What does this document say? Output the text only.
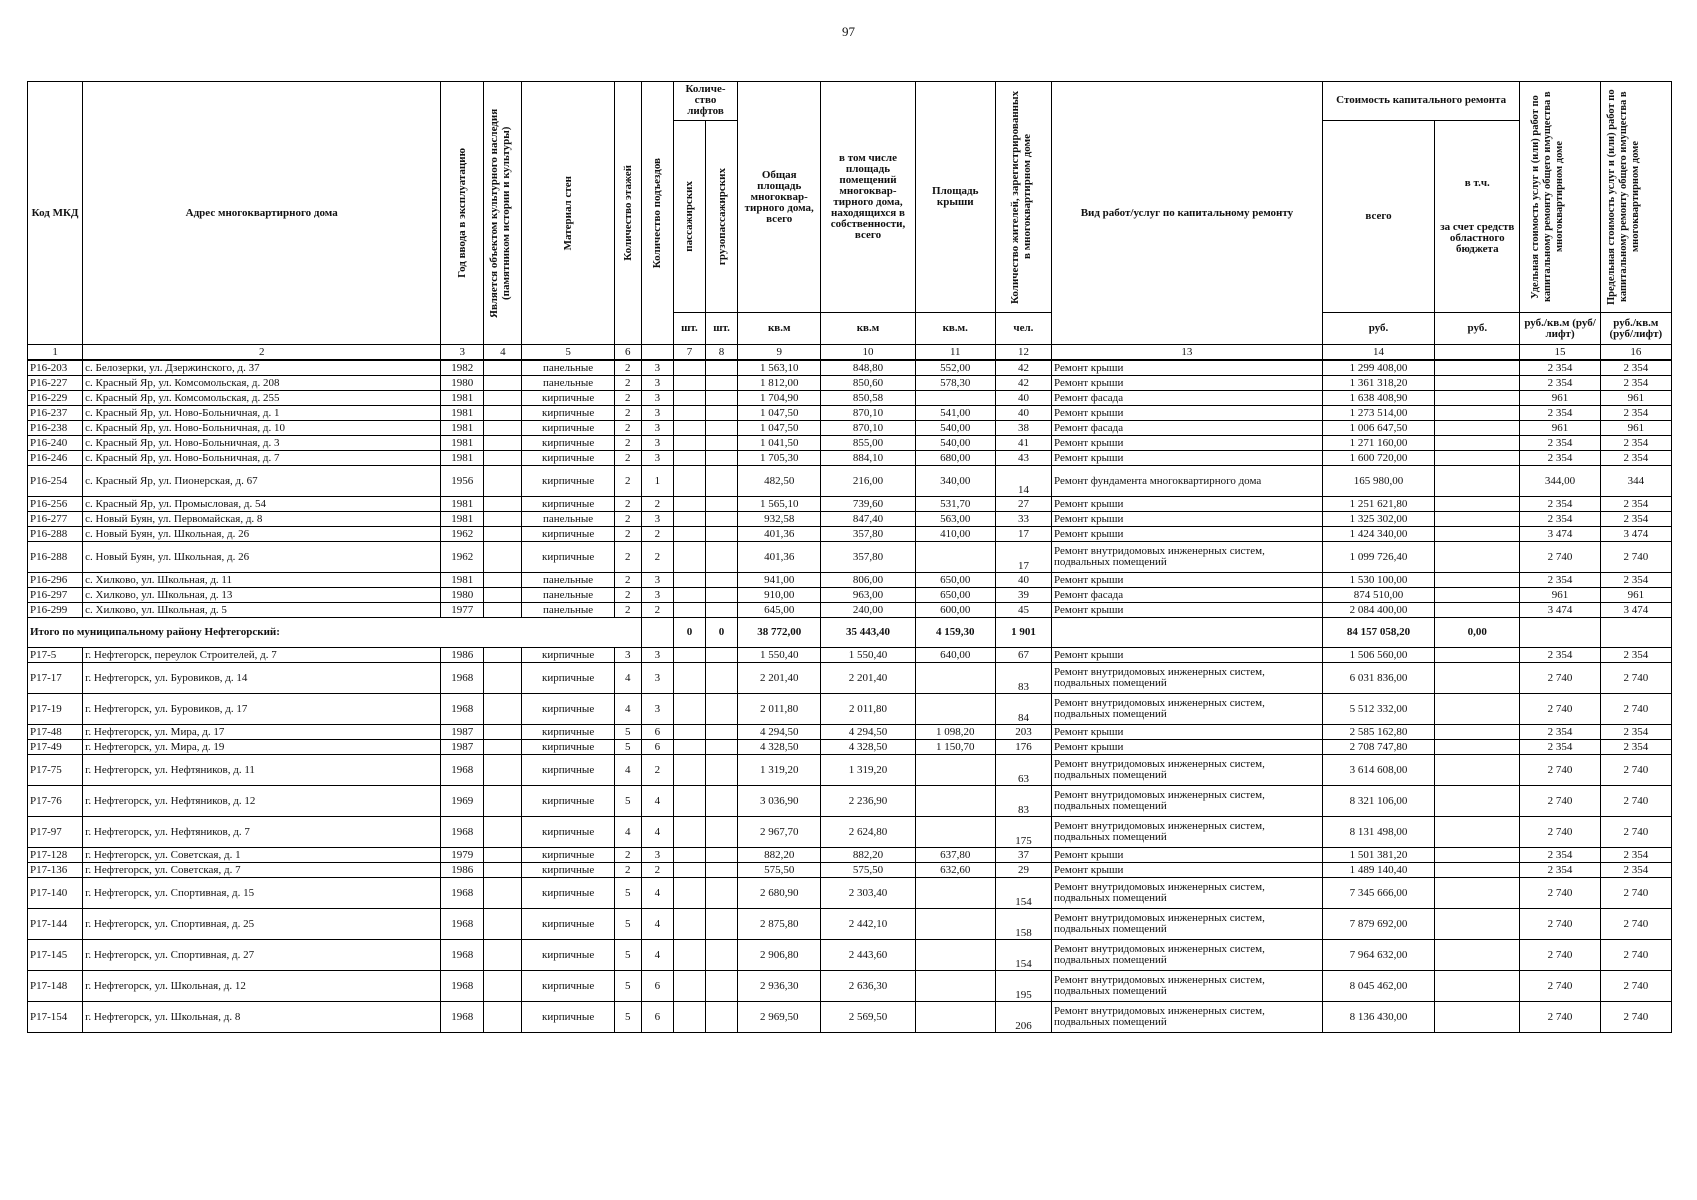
97
Код МКД	Адрес многоквартирного дома	Год ввода в эксплуатацию	Является объектом культурного наследия (памятником истории и культуры)	Материал стен	Количество этажей	Количество подъездов	Количе-ство лифтов		Общая площадь многоквар-тирного дома, всего	в том числе площадь помещений многоквар-тирного дома, находящихся в собственности, всего	Площадь крыши	Количество жителей, зарегистрированных в многоквартирном доме	Вид работ/услуг по капитальному ремонту	Стоимость капитального ремонта		Удельная стоимость услуг и (или) работ по капитальному ремонту общего имущества в многоквартирном доме	Предельная стоимость услуг и (или) работ по капитальному ремонту общего имущества в многоквартирном доме

							пассажирских	грузопассажирских						всего	в т.ч.

за счет средств областного бюджета		

							шт.	шт.	кв.м	кв.м	кв.м.	чел.		руб.	руб.	руб./кв.м (руб/лифт)	руб./кв.м (руб/лифт)
1	2	3	4	5	6		7	8	9	10	11	12	13	14		15	16
Р16-203	с. Белозерки, ул. Дзержинского, д. 37	1982		панельные	2	3			1 563,10	848,80	552,00	42	Ремонт крыши	1 299 408,00		2 354	2 354
Р16-227	с. Красный Яр, ул. Комсомольская, д. 208	1980		панельные	2	3			1 812,00	850,60	578,30	42	Ремонт крыши	1 361 318,20		2 354	2 354
Р16-229	с. Красный Яр, ул. Комсомольская, д. 255	1981		кирпичные	2	3			1 704,90	850,58		40	Ремонт фасада	1 638 408,90		961	961
Р16-237	с. Красный Яр, ул. Ново-Больничная, д. 1	1981		кирпичные	2	3			1 047,50	870,10	541,00	40	Ремонт крыши	1 273 514,00		2 354	2 354
Р16-238	с. Красный Яр, ул. Ново-Больничная, д. 10	1981		кирпичные	2	3			1 047,50	870,10	540,00	38	Ремонт фасада	1 006 647,50		961	961
Р16-240	с. Красный Яр, ул. Ново-Больничная, д. 3	1981		кирпичные	2	3			1 041,50	855,00	540,00	41	Ремонт крыши	1 271 160,00		2 354	2 354
Р16-246	с. Красный Яр, ул. Ново-Больничная, д. 7	1981		кирпичные	2	3			1 705,30	884,10	680,00	43	Ремонт крыши	1 600 720,00		2 354	2 354
Р16-254	с. Красный Яр, ул. Пионерская, д. 67	1956		кирпичные	2	1			482,50	216,00	340,00	14	Ремонт фундамента многоквартирного дома	165 980,00		344,00	344
Р16-256	с. Красный Яр, ул. Промысловая, д. 54	1981		кирпичные	2	2			1 565,10	739,60	531,70	27	Ремонт крыши	1 251 621,80		2 354	2 354
Р16-277	с. Новый Буян, ул. Первомайская, д. 8	1981		панельные	2	3			932,58	847,40	563,00	33	Ремонт крыши	1 325 302,00		2 354	2 354
Р16-288	с. Новый Буян, ул. Школьная, д. 26	1962		кирпичные	2	2			401,36	357,80	410,00	17	Ремонт крыши	1 424 340,00		3 474	3 474
Р16-288	с. Новый Буян, ул. Школьная, д. 26	1962		кирпичные	2	2			401,36	357,80		17	Ремонт внутридомовых инженерных систем, подвальных помещений	1 099 726,40		2 740	2 740
Р16-296	с. Хилково, ул. Школьная, д. 11	1981		панельные	2	3			941,00	806,00	650,00	40	Ремонт крыши	1 530 100,00		2 354	2 354
Р16-297	с. Хилково, ул. Школьная, д. 13	1980		панельные	2	3			910,00	963,00	650,00	39	Ремонт фасада	874 510,00		961	961
Р16-299	с. Хилково, ул. Школьная, д. 5	1977		панельные	2	2			645,00	240,00	600,00	45	Ремонт крыши	2 084 400,00		3 474	3 474
Итого по муниципальному району Нефтегорский:							0	0	38 772,00	35 443,40	4 159,30	1 901		84 157 058,20	0,00		
Р17-5	г. Нефтегорск, переулок Строителей, д. 7	1986		кирпичные	3	3			1 550,40	1 550,40	640,00	67	Ремонт крыши	1 506 560,00		2 354	2 354
Р17-17	г. Нефтегорск, ул. Буровиков, д. 14	1968		кирпичные	4	3			2 201,40	2 201,40		83	Ремонт внутридомовых инженерных систем, подвальных помещений	6 031 836,00		2 740	2 740
Р17-19	г. Нефтегорск, ул. Буровиков, д. 17	1968		кирпичные	4	3			2 011,80	2 011,80		84	Ремонт внутридомовых инженерных систем, подвальных помещений	5 512 332,00		2 740	2 740
Р17-48	г. Нефтегорск, ул. Мира, д. 17	1987		кирпичные	5	6			4 294,50	4 294,50	1 098,20	203	Ремонт крыши	2 585 162,80		2 354	2 354
Р17-49	г. Нефтегорск, ул. Мира, д. 19	1987		кирпичные	5	6			4 328,50	4 328,50	1 150,70	176	Ремонт крыши	2 708 747,80		2 354	2 354
Р17-75	г. Нефтегорск, ул. Нефтяников, д. 11	1968		кирпичные	4	2			1 319,20	1 319,20		63	Ремонт внутридомовых инженерных систем, подвальных помещений	3 614 608,00		2 740	2 740
Р17-76	г. Нефтегорск, ул. Нефтяников, д. 12	1969		кирпичные	5	4			3 036,90	2 236,90		83	Ремонт внутридомовых инженерных систем, подвальных помещений	8 321 106,00		2 740	2 740
Р17-97	г. Нефтегорск, ул. Нефтяников, д. 7	1968		кирпичные	4	4			2 967,70	2 624,80		175	Ремонт внутридомовых инженерных систем, подвальных помещений	8 131 498,00		2 740	2 740
Р17-128	г. Нефтегорск, ул. Советская, д. 1	1979		кирпичные	2	3			882,20	882,20	637,80	37	Ремонт крыши	1 501 381,20		2 354	2 354
Р17-136	г. Нефтегорск, ул. Советская, д. 7	1986		кирпичные	2	2			575,50	575,50	632,60	29	Ремонт крыши	1 489 140,40		2 354	2 354
Р17-140	г. Нефтегорск, ул. Спортивная, д. 15	1968		кирпичные	5	4			2 680,90	2 303,40		154	Ремонт внутридомовых инженерных систем, подвальных помещений	7 345 666,00		2 740	2 740
Р17-144	г. Нефтегорск, ул. Спортивная, д. 25	1968		кирпичные	5	4			2 875,80	2 442,10		158	Ремонт внутридомовых инженерных систем, подвальных помещений	7 879 692,00		2 740	2 740
Р17-145	г. Нефтегорск, ул. Спортивная, д. 27	1968		кирпичные	5	4			2 906,80	2 443,60		154	Ремонт внутридомовых инженерных систем, подвальных помещений	7 964 632,00		2 740	2 740
Р17-148	г. Нефтегорск, ул. Школьная, д. 12	1968		кирпичные	5	6			2 936,30	2 636,30		195	Ремонт внутридомовых инженерных систем, подвальных помещений	8 045 462,00		2 740	2 740
Р17-154	г. Нефтегорск, ул. Школьная, д. 8	1968		кирпичные	5	6			2 969,50	2 569,50		206	Ремонт внутридомовых инженерных систем, подвальных помещений	8 136 430,00		2 740	2 740
